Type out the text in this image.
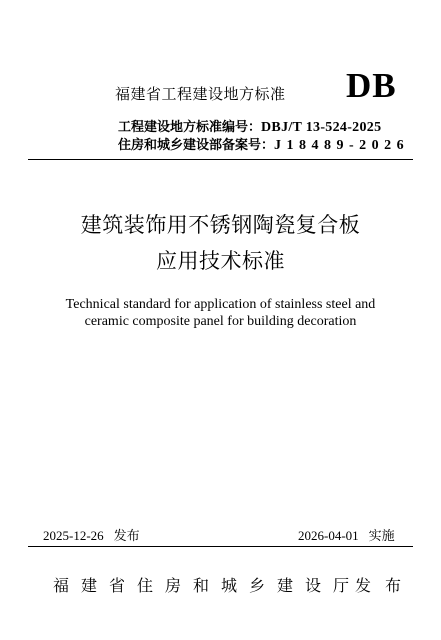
福建省工程建设地方标准 DB
工程建设地方标准编号：DBJ/T 13-524-2025
住房和城乡建设部备案号：J18489-2026
建筑装饰用不锈钢陶瓷复合板
应用技术标准
Technical standard for application of stainless steel and
ceramic composite panel for building decoration
2025-12-26 发布	2026-04-01 实施
福建省住房和城乡建设厅
发布
